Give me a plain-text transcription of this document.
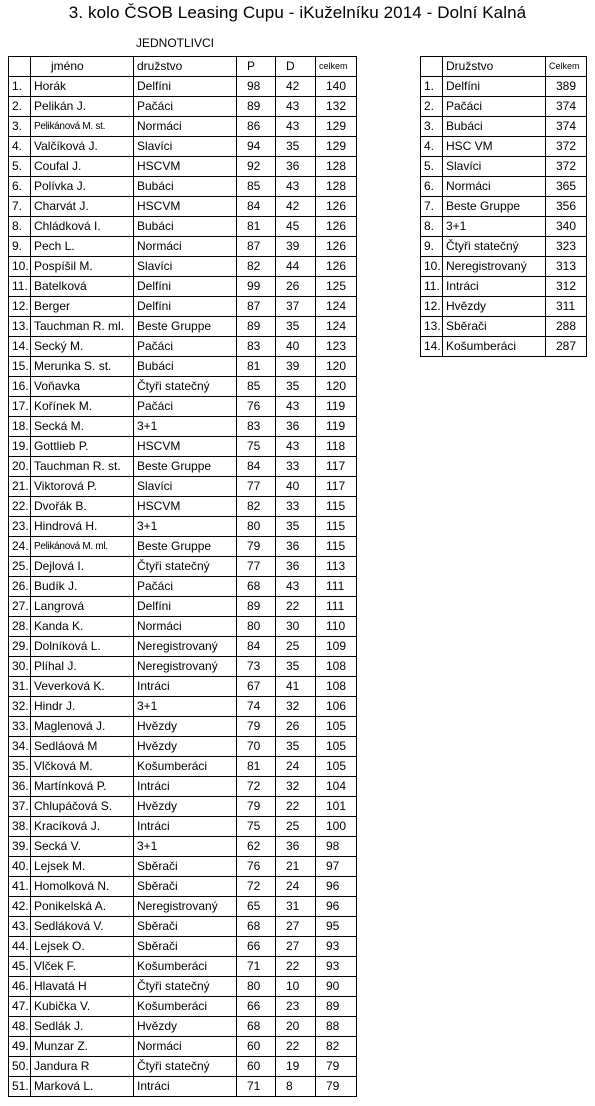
3. kolo ČSOB Leasing Cupu - iKuželníku 2014 - Dolní Kalná
JEDNOTLIVCI
	jméno	družstvo	P	D	celkem
1.	Horák	Delfíni	98	42	140
2.	Pelikán J.	Pačáci	89	43	132
3.	Pelikánová M. st.	Normáci	86	43	129
4.	Valčíková J.	Slavíci	94	35	129
5.	Coufal J.	HSCVM	92	36	128
6.	Polívka J.	Bubáci	85	43	128
7.	Charvát J.	HSCVM	84	42	126
8.	Chládková I.	Bubáci	81	45	126
9.	Pech L.	Normáci	87	39	126
10.	Pospíšil M.	Slavíci	82	44	126
11.	Batelková	Delfíni	99	26	125
12.	Berger	Delfíni	87	37	124
13.	Tauchman R. ml.	Beste Gruppe	89	35	124
14.	Secký M.	Pačáci	83	40	123
15.	Merunka S. st.	Bubáci	81	39	120
16.	Voňavka	Čtyři statečný	85	35	120
17.	Kořínek M.	Pačáci	76	43	119
18.	Secká M.	3+1	83	36	119
19.	Gottlieb P.	HSCVM	75	43	118
20.	Tauchman R. st.	Beste Gruppe	84	33	117
21.	Viktorová P.	Slavíci	77	40	117
22.	Dvořák B.	HSCVM	82	33	115
23.	Hindrová H.	3+1	80	35	115
24.	Pelikánová M. ml.	Beste Gruppe	79	36	115
25.	Dejlová I.	Čtyři statečný	77	36	113
26.	Budík J.	Pačáci	68	43	111
27.	Langrová	Delfíni	89	22	111
28.	Kanda K.	Normáci	80	30	110
29.	Dolníková L.	Neregistrovaný	84	25	109
30.	Plíhal J.	Neregistrovaný	73	35	108
31.	Veverková K.	Intráci	67	41	108
32.	Hindr J.	3+1	74	32	106
33.	Maglenová J.	Hvězdy	79	26	105
34.	Sedláová M	Hvězdy	70	35	105
35.	Vlčková M.	Košumberáci	81	24	105
36.	Martínková P.	Intráci	72	32	104
37.	Chlupáčová S.	Hvězdy	79	22	101
38.	Kracíková J.	Intráci	75	25	100
39.	Secká V.	3+1	62	36	98
40.	Lejsek M.	Sběrači	76	21	97
41.	Homolková N.	Sběrači	72	24	96
42.	Ponikelská A.	Neregistrovaný	65	31	96
43.	Sedláková V.	Sběrači	68	27	95
44.	Lejsek O.	Sběrači	66	27	93
45.	Vlček F.	Košumberáci	71	22	93
46.	Hlavatá H	Čtyři statečný	80	10	90
47.	Kubička V.	Košumberáci	66	23	89
48.	Sedlák J.	Hvězdy	68	20	88
49.	Munzar Z.	Normáci	60	22	82
50.	Jandura R	Čtyři statečný	60	19	79
51.	Marková L.	Intráci	71	8	79
	Družstvo	Celkem
1.	Delfíni	389
2.	Pačáci	374
3.	Bubáci	374
4.	HSC VM	372
5.	Slavíci	372
6.	Normáci	365
7.	Beste Gruppe	356
8.	3+1	340
9.	Čtyři statečný	323
10.	Neregistrovaný	313
11.	Intráci	312
12.	Hvězdy	311
13.	Sběrači	288
14.	Košumberáci	287
